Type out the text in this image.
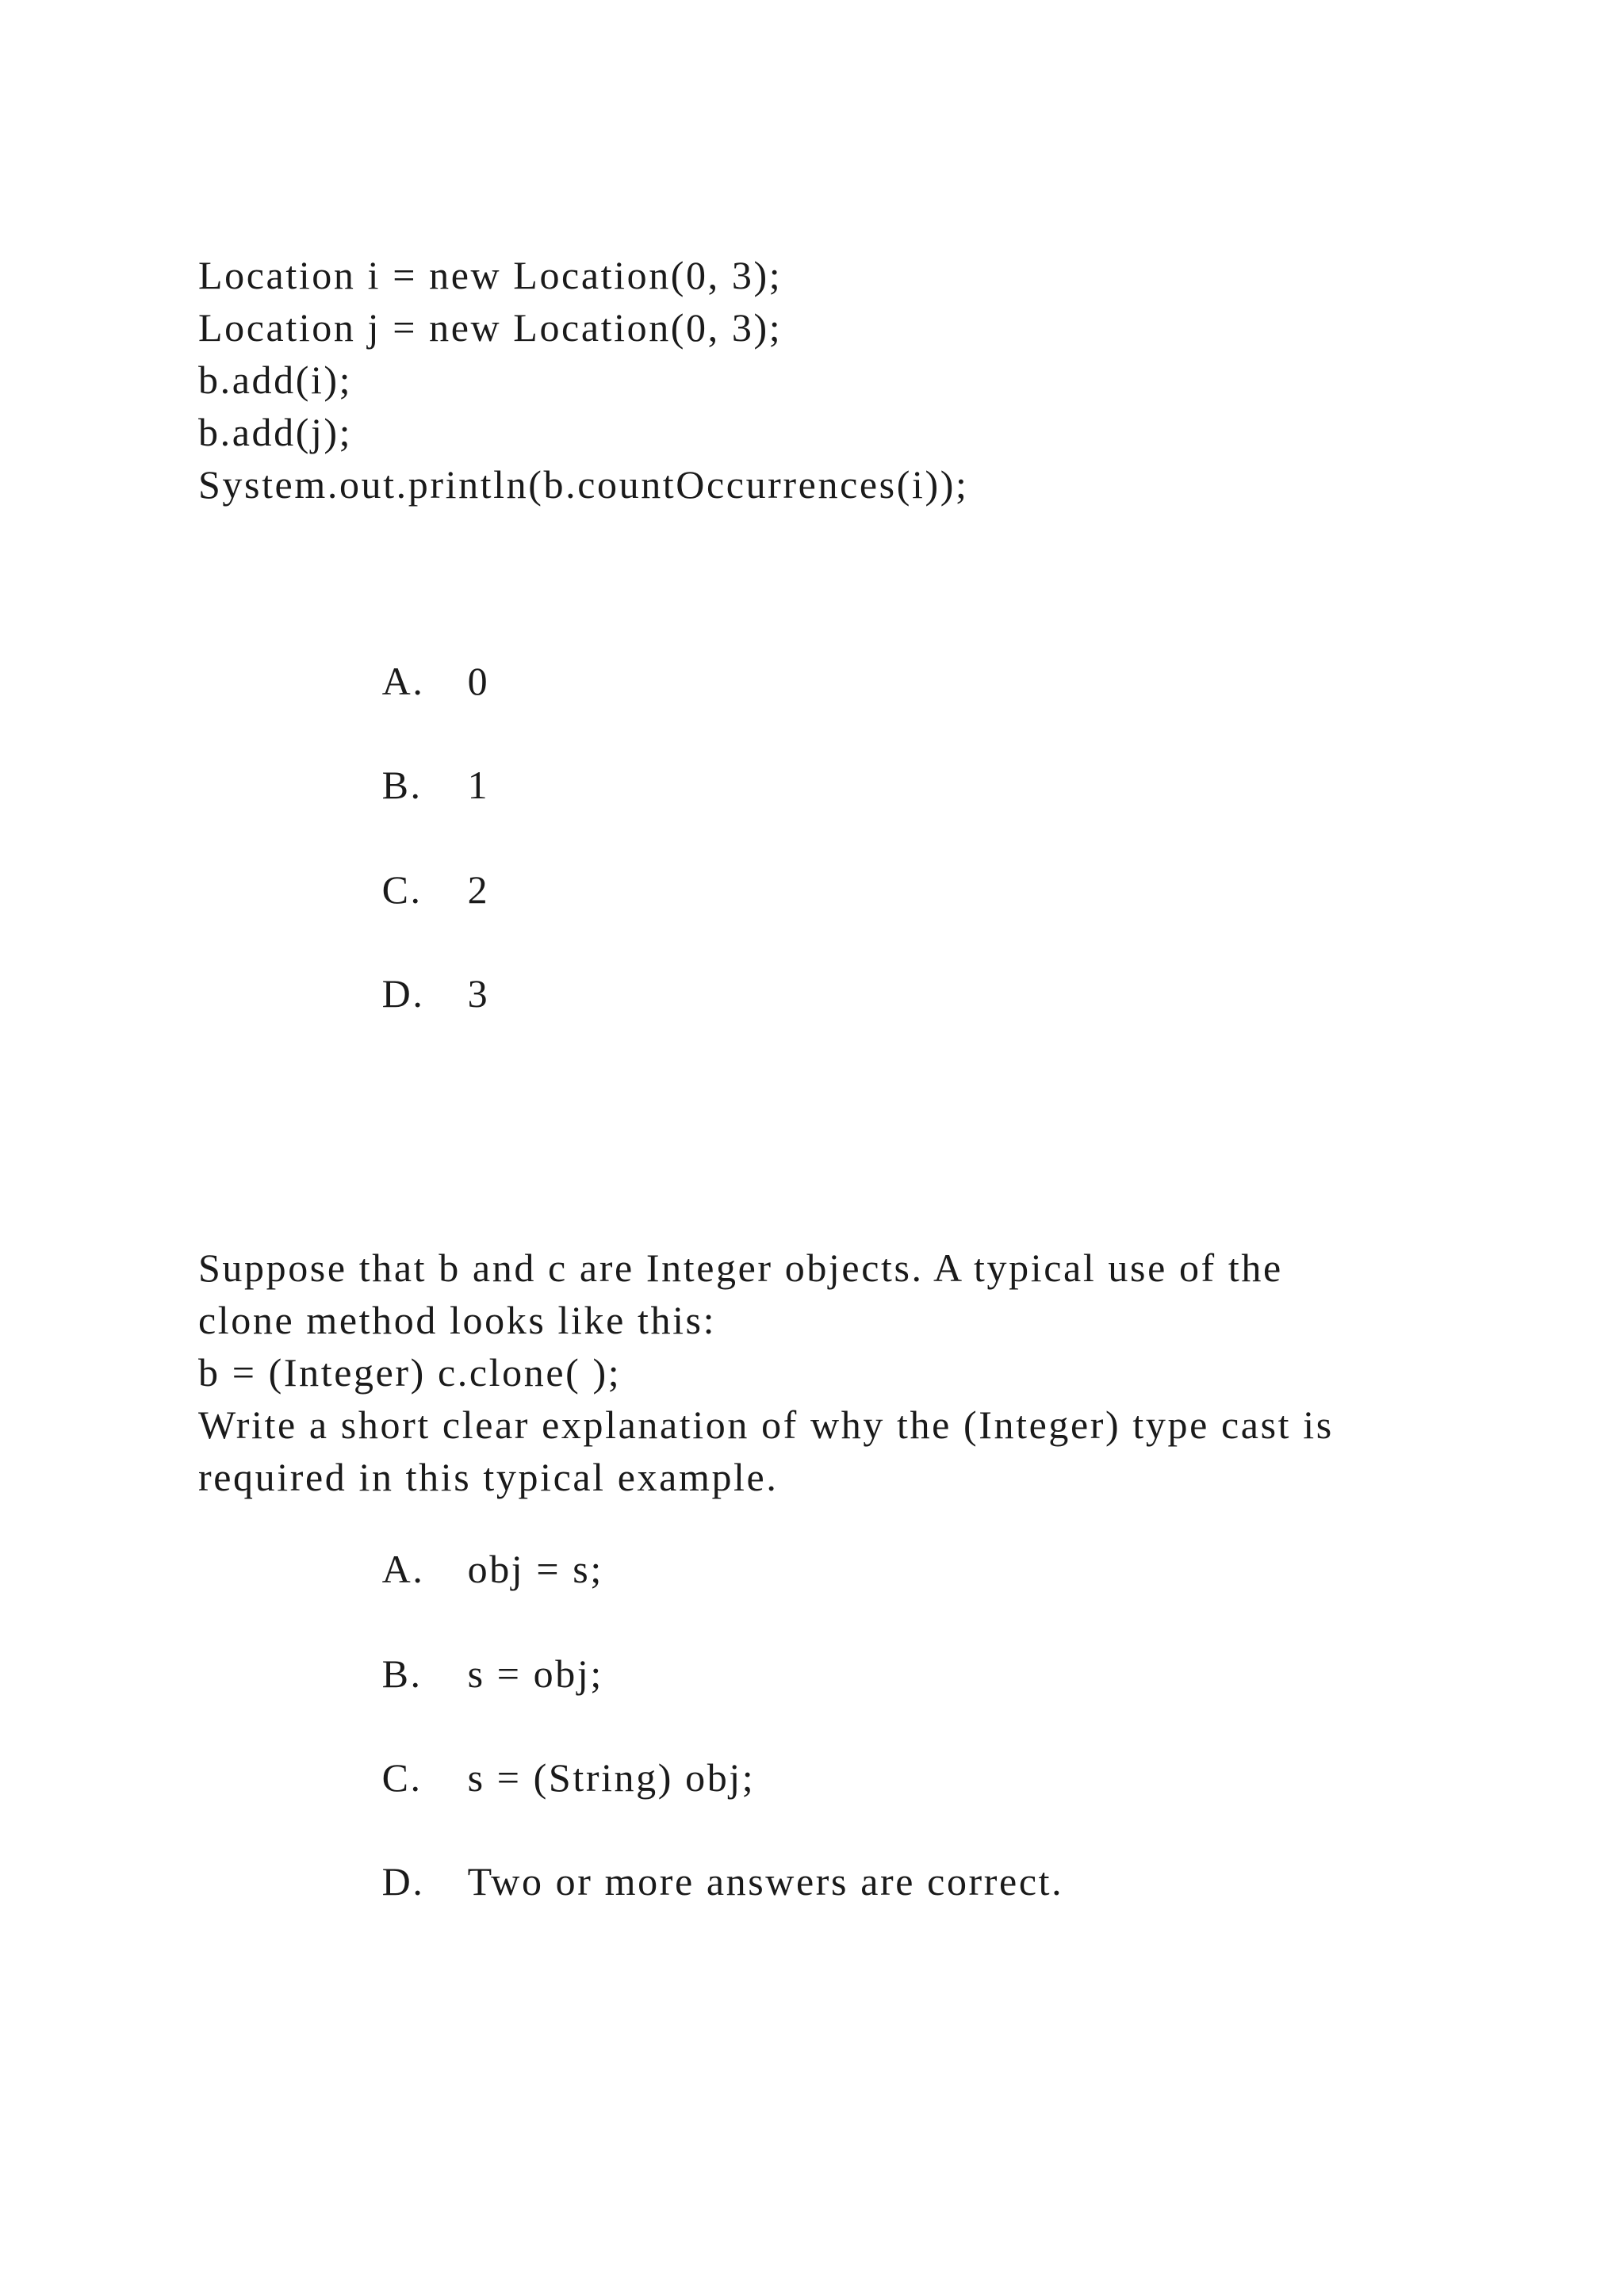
Location i = new Location(0, 3);
Location j = new Location(0, 3);
b.add(i);
b.add(j);
System.out.println(b.countOccurrences(i));

A. 0

B. 1

C. 2

D. 3

Suppose that b and c are Integer objects. A typical use of the
clone method looks like this:
b = (Integer) c.clone( );
Write a short clear explanation of why the (Integer) type cast is
required in this typical example.

A. obj = s;

B. s = obj;

C. s = (String) obj;

D. Two or more answers are correct.
